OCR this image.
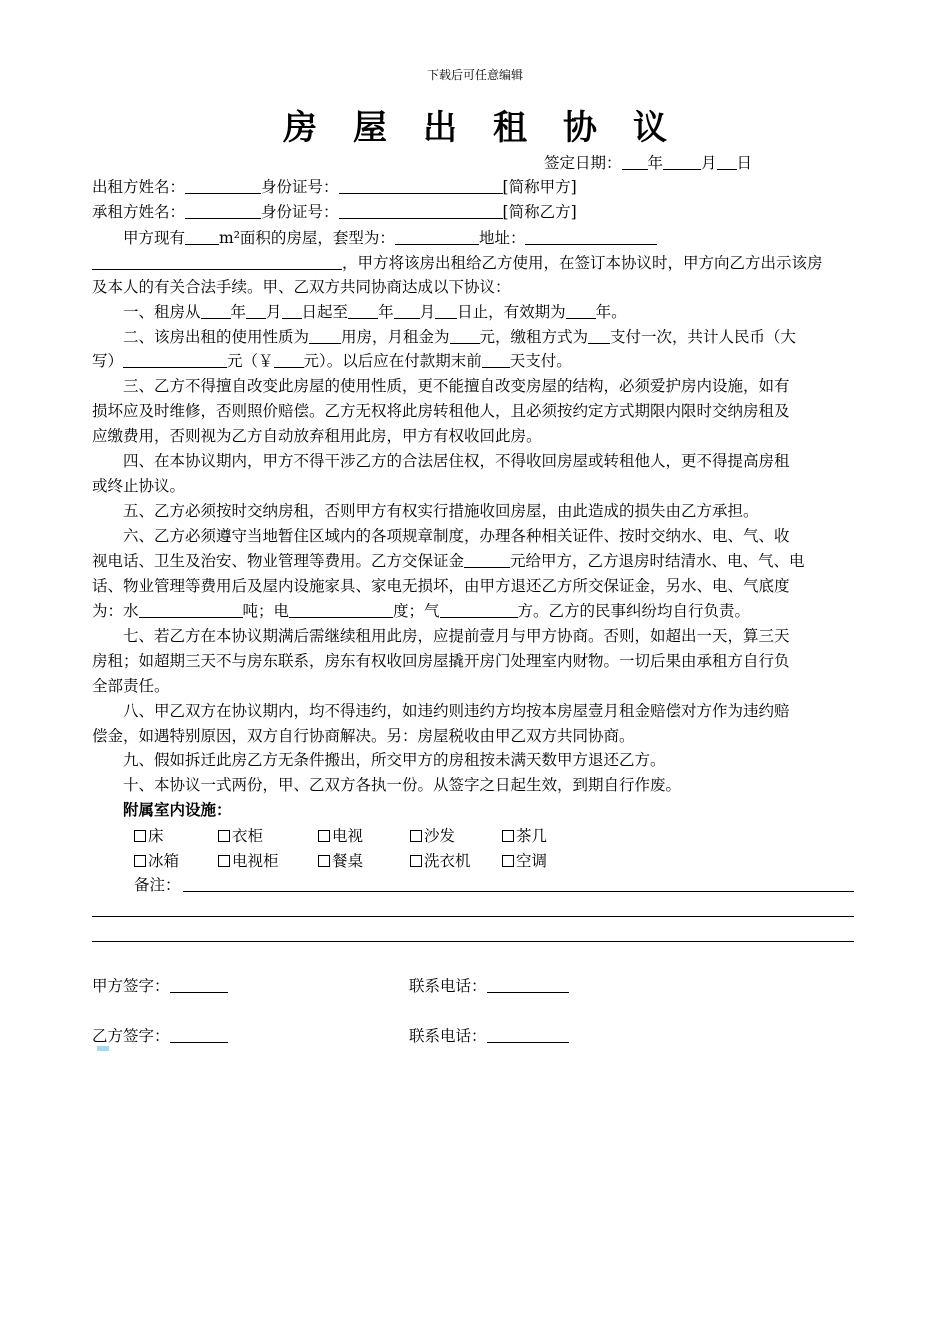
下载后可任意编辑
房屋出租协议
签定日期： 年 月 日
出租方姓名：	身份证号：	[简称甲方]
承租方姓名：	身份证号：	[简称乙方]
甲方现有 m²面积的房屋，套型为：	地址：
，甲方将该房出租给乙方使用，在签订本协议时，甲方向乙方出示该房
及本人的有关合法手续。甲、乙双方共同协商达成以下协议：
一、租房从 年 月 日起至 年 月 日止，有效期为 年。
二、该房出租的使用性质为 用房，月租金为 元，缴租方式为 支付一次，共计人民币（大
写）	元（￥ 元）。以后应在付款期末前 天支付。
三、乙方不得擅自改变此房屋的使用性质，更不能擅自改变房屋的结构，必须爱护房内设施，如有
损坏应及时维修，否则照价赔偿。乙方无权将此房转租他人，且必须按约定方式期限内限时交纳房租及
应缴费用，否则视为乙方自动放弃租用此房，甲方有权收回此房。
四、在本协议期内，甲方不得干涉乙方的合法居住权，不得收回房屋或转租他人，更不得提高房租
或终止协议。
五、乙方必须按时交纳房租，否则甲方有权实行措施收回房屋，由此造成的损失由乙方承担。
六、乙方必须遵守当地暂住区域内的各项规章制度，办理各种相关证件、按时交纳水、电、气、收
视电话、卫生及治安、物业管理等费用。乙方交保证金	元给甲方，乙方退房时结清水、电、气、电
话、物业管理等费用后及屋内设施家具、家电无损坏，由甲方退还乙方所交保证金，另水、电、气底度
为：水	吨；电	度；气	方。乙方的民事纠纷均自行负责。
七、若乙方在本协议期满后需继续租用此房，应提前壹月与甲方协商。否则，如超出一天，算三天
房租；如超期三天不与房东联系，房东有权收回房屋撬开房门处理室内财物。一切后果由承租方自行负
全部责任。
八、甲乙双方在协议期内，均不得违约，如违约则违约方均按本房屋壹月租金赔偿对方作为违约赔
偿金，如遇特别原因，双方自行协商解决。另：房屋税收由甲乙双方共同协商。
九、假如拆迁此房乙方无条件搬出，所交甲方的房租按未满天数甲方退还乙方。
十、本协议一式两份，甲、乙双方各执一份。从签字之日起生效，到期自行作废。
附属室内设施：
床	衣柜	电视	沙发	茶几
冰箱	电视柜	餐桌	洗衣机	空调
备注：
甲方签字：	联系电话：
乙方签字：	联系电话：
